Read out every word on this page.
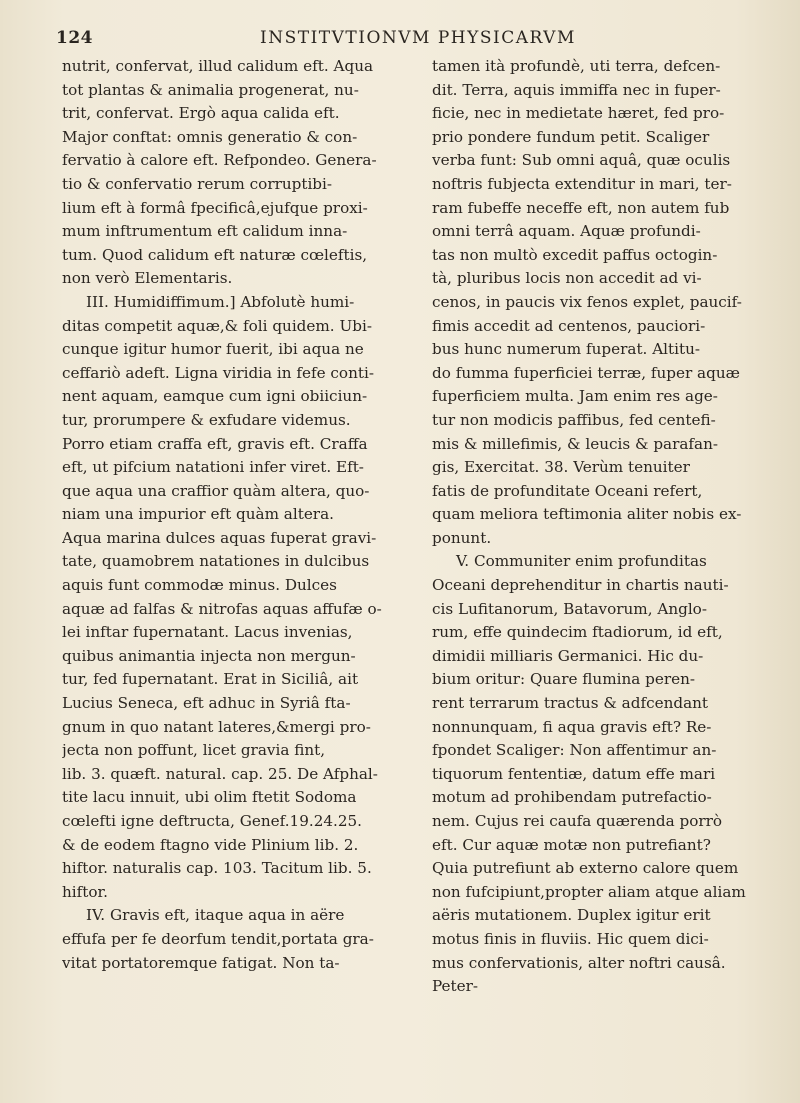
124	INSTITVTIONVM PHYSICARVM
nutrit, confervat, illud calidum eft. Aqua
tot plantas & animalia progenerat, nu-
trit, confervat. Ergò aqua calida eft.
Major conftat: omnis generatio & con-
fervatio à calore eft. Refpondeo. Genera-
tio & confervatio rerum corruptibi-
lium eft à formâ fpecificâ,ejufque proxi-
mum inftrumentum eft calidum inna-
tum. Quod calidum eft naturæ cœleftis,
non verò Elementaris.
III. Humidiffimum.] Abfolutè humi-
ditas competit aquæ,& foli quidem. Ubi-
cunque igitur humor fuerit, ibi aqua ne
ceffariò adeft. Ligna viridia in fefe conti-
nent aquam, eamque cum igni obiiciun-
tur, prorumpere & exfudare videmus.
Porro etiam craffa eft, gravis eft. Craffa
eft, ut pifcium natationi infer viret. Eft-
que aqua una craffior quàm altera, quo-
niam una impurior eft quàm altera.
Aqua marina dulces aquas fuperat gravi-
tate, quamobrem natationes in dulcibus
aquis funt commodæ minus. Dulces
aquæ ad falfas & nitrofas aquas affufæ o-
lei inftar fupernatant. Lacus invenias,
quibus animantia injecta non mergun-
tur, fed fupernatant. Erat in Siciliâ, ait
Lucius Seneca, eft adhuc in Syriâ fta-
gnum in quo natant lateres,&mergi pro-
jecta non poffunt, licet gravia fint,
lib. 3. quæft. natural. cap. 25. De Afphal-
tite lacu innuit, ubi olim ftetit Sodoma
cœlefti igne deftructa, Genef.19.24.25.
& de eodem ftagno vide Plinium lib. 2.
hiftor. naturalis cap. 103. Tacitum lib. 5.
hiftor.
IV. Gravis eft, itaque aqua in aëre
effufa per fe deorfum tendit,portata gra-
vitat portatoremque fatigat. Non ta-
tamen ità profundè, uti terra, defcen-
dit. Terra, aquis immiffa nec in fuper-
ficie, nec in medietate hæret, fed pro-
prio pondere fundum petit. Scaliger
verba funt: Sub omni aquâ, quæ oculis
noftris fubjecta extenditur in mari, ter-
ram fubeffe neceffe eft, non autem fub
omni terrâ aquam. Aquæ profundi-
tas non multò excedit paffus octogin-
tà, pluribus locis non accedit ad vi-
cenos, in paucis vix fenos explet, paucif-
fimis accedit ad centenos, pauciori-
bus hunc numerum fuperat. Altitu-
do fumma fuperficiei terræ, fuper aquæ
fuperficiem multa. Jam enim res age-
tur non modicis paffibus, fed centefi-
mis & millefimis, & leucis & parafan-
gis, Exercitat. 38. Verùm tenuiter
fatis de profunditate Oceani refert,
quam meliora teftimonia aliter nobis ex-
ponunt.
V. Communiter enim profunditas
Oceani deprehenditur in chartis nauti-
cis Lufitanorum, Batavorum, Anglo-
rum, effe quindecim ftadiorum, id eft,
dimidii milliaris Germanici. Hic du-
bium oritur: Quare flumina peren-
rent terrarum tractus & adfcendant
nonnunquam, fi aqua gravis eft? Re-
fpondet Scaliger: Non affentimur an-
tiquorum fententiæ, datum effe mari
motum ad prohibendam putrefactio-
nem. Cujus rei caufa quærenda porrò
eft. Cur aquæ motæ non putrefiant?
Quia putrefiunt ab externo calore quem
non fufcipiunt,propter aliam atque aliam
aëris mutationem. Duplex igitur erit
motus finis in fluviis. Hic quem dici-
mus confervationis, alter noftri causâ.
Peter-
